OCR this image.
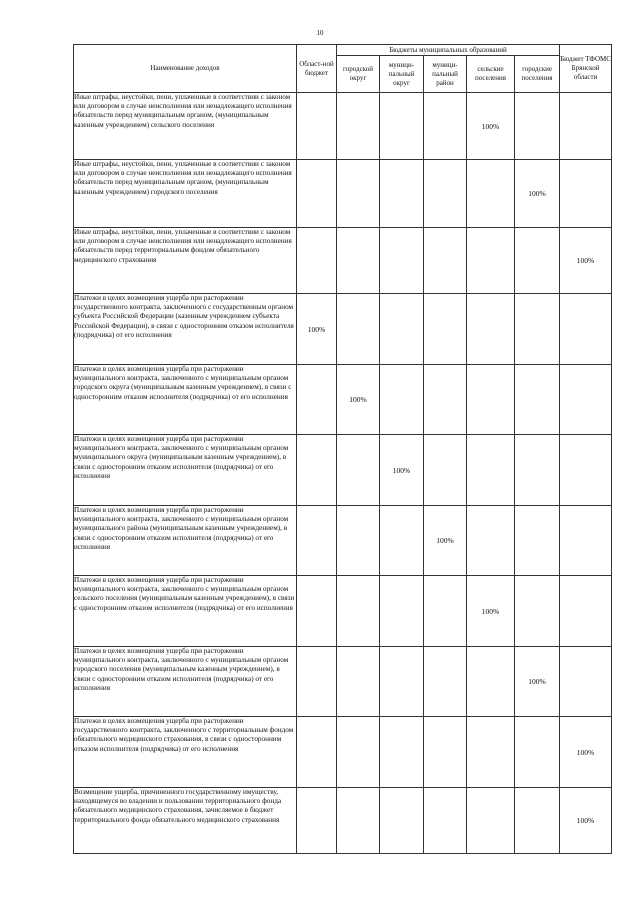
10
Наименование доходов	Област-ной бюджет	Бюджеты муниципальных образований					Бюджет ТФОМС Брянской области
		городской округ	муници-пальный округ	муници-пальный район	сельские поселения	городские поселения	
Иные штрафы, неустойки, пени, уплаченные в соответствии с законом или договором в случае неисполнения или ненадлежащего исполнения обязательств перед муниципальным органом, (муниципальным казенным учреждением) сельского поселения					100%		
Иные штрафы, неустойки, пени, уплаченные в соответствии с законом или договором в случае неисполнения или ненадлежащего исполнения обязательств перед муниципальным органом, (муниципальным казенным учреждением) городского поселения						100%	
Иные штрафы, неустойки, пени, уплаченные в соответствии с законом или договором в случае неисполнения или ненадлежащего исполнения обязательств перед территориальным фондом обязательного медицинского страхования							100%
Платежи в целях возмещения ущерба при расторжении государственного контракта, заключенного с государственным органом субъекта Российской Федерации (казенным учреждением субъекта Российской Федерации), в связи с односторонним отказом исполнителя (подрядчика) от его исполнения	100%						
Платежи в целях возмещения ущерба при расторжении муниципального контракта, заключенного с муниципальным органом городского округа (муниципальным казенным учреждением), в связи с односторонним отказом исполнителя (подрядчика) от его исполнения		100%					
Платежи в целях возмещения ущерба при расторжении муниципального контракта, заключенного с муниципальным органом муниципального округа (муниципальным казенным учреждением), в связи с односторонним отказом исполнителя (подрядчика) от его исполнения			100%				
Платежи в целях возмещения ущерба при расторжении муниципального контракта, заключенного с муниципальным органом муниципального района (муниципальным казенным учреждением), в связи с односторонним отказом исполнителя (подрядчика) от его исполнения				100%			
Платежи в целях возмещения ущерба при расторжении муниципального контракта, заключенного с муниципальным органом сельского поселения (муниципальным казенным учреждением), в связи с односторонним отказом исполнителя (подрядчика) от его исполнения					100%		
Платежи в целях возмещения ущерба при расторжении муниципального контракта, заключенного с муниципальным органом городского поселения (муниципальным казенным учреждением), в связи с односторонним отказом исполнителя (подрядчика) от его исполнения						100%	
Платежи в целях возмещения ущерба при расторжении государственного контракта, заключенного с территориальным фондом обязательного медицинского страхования, в связи с односторонним отказом исполнителя (подрядчика) от его исполнения							100%
Возмещение ущерба, причиненного государственному имуществу, находящемуся во владении и пользовании территориального фонда обязательного медицинского страхования, зачисляемое в бюджет территориального фонда обязательного медицинского страхования							100%
